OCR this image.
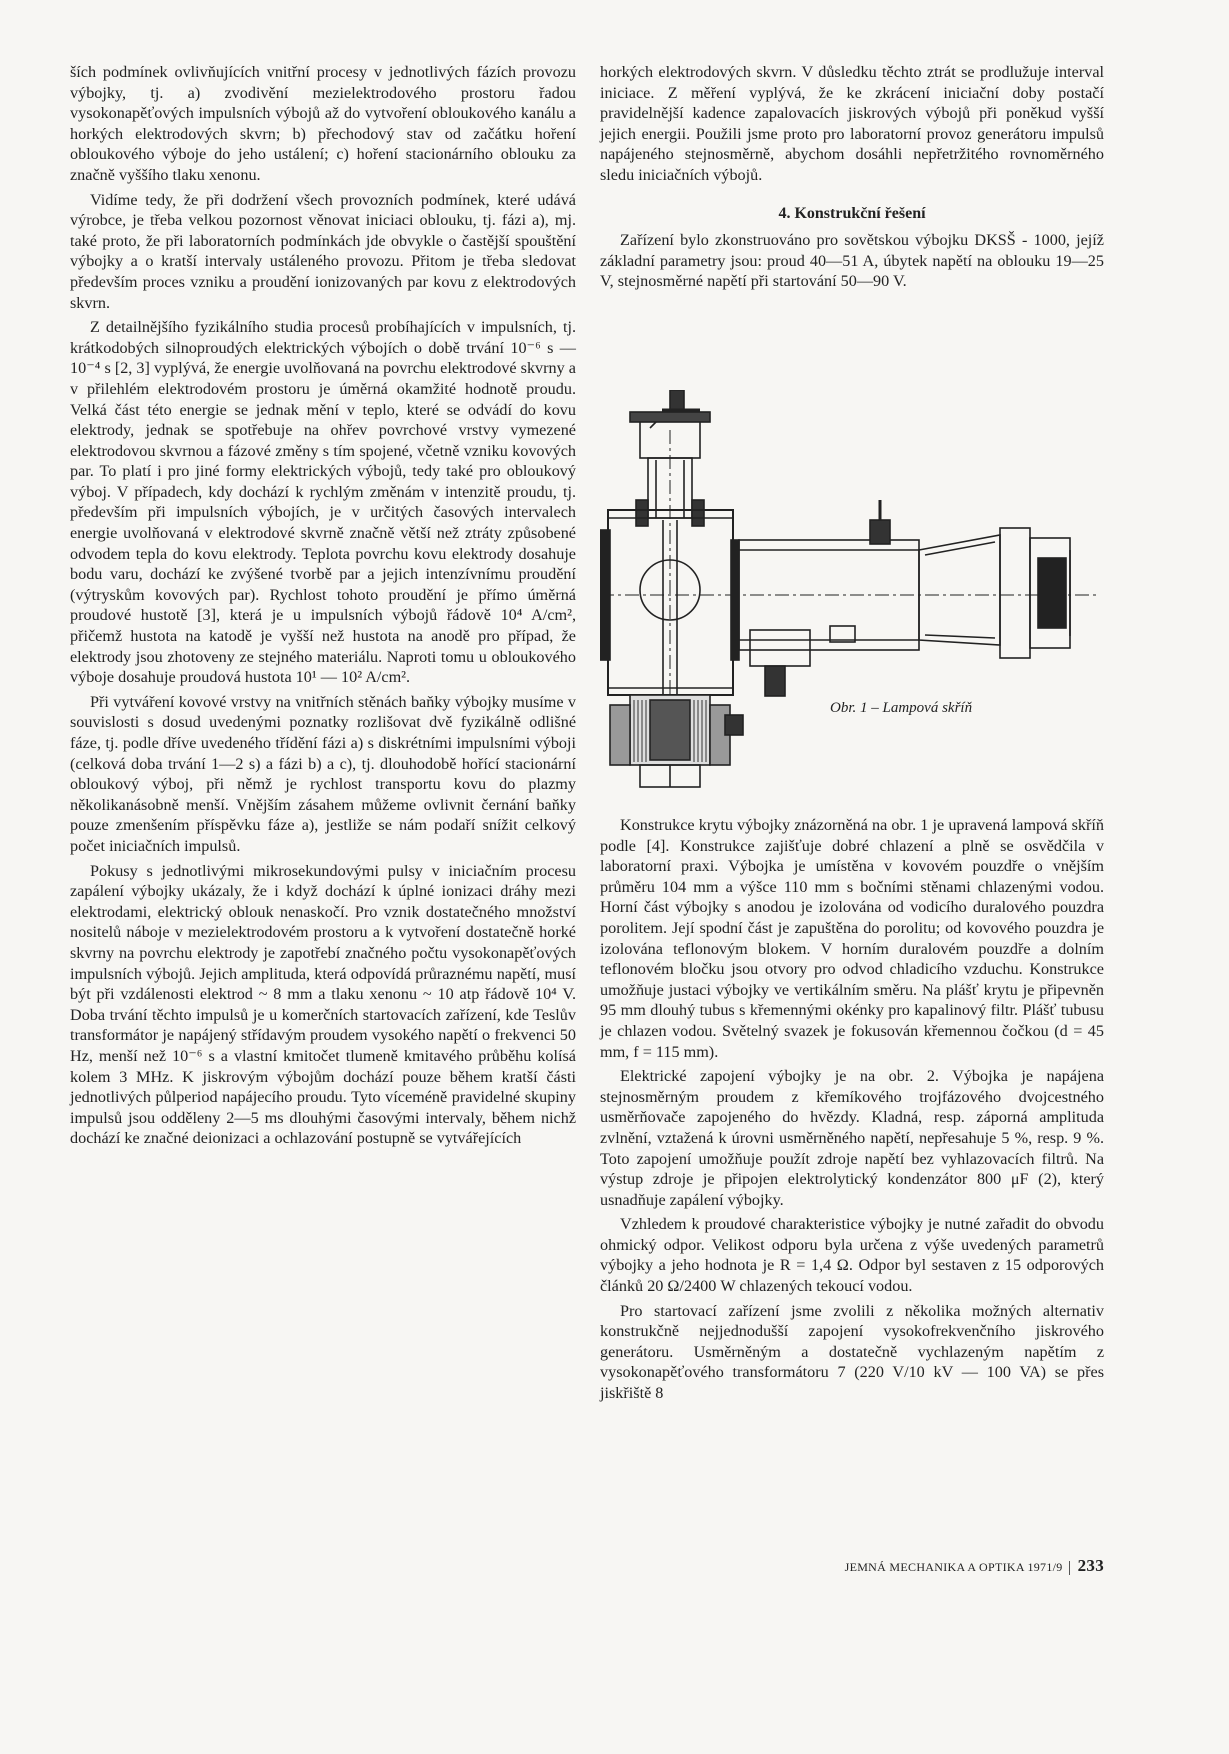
ších podmínek ovlivňujících vnitřní procesy v jednotlivých fázích provozu výbojky, tj. a) zvodivění mezielektrodového prostoru řadou vysokonapěťových impulsních výbojů až do vytvoření obloukového kanálu a horkých elektrodových skvrn; b) přechodový stav od začátku hoření obloukového výboje do jeho ustálení; c) hoření stacionárního oblouku za značně vyššího tlaku xenonu.

Vidíme tedy, že při dodržení všech provozních podmínek, které udává výrobce, je třeba velkou pozornost věnovat iniciaci oblouku, tj. fázi a), mj. také proto, že při laboratorních podmínkách jde obvykle o častější spouštění výbojky a o kratší intervaly ustáleného provozu. Přitom je třeba sledovat především proces vzniku a proudění ionizovaných par kovu z elektrodových skvrn.

Z detailnějšího fyzikálního studia procesů probíhajících v impulsních, tj. krátkodobých silnoproudých elektrických výbojích o době trvání 10⁻⁶ s — 10⁻⁴ s [2, 3] vyplývá, že energie uvolňovaná na povrchu elektrodové skvrny a v přilehlém elektrodovém prostoru je úměrná okamžité hodnotě proudu. Velká část této energie se jednak mění v teplo, které se odvádí do kovu elektrody, jednak se spotřebuje na ohřev povrchové vrstvy vymezené elektrodovou skvrnou a fázové změny s tím spojené, včetně vzniku kovových par. To platí i pro jiné formy elektrických výbojů, tedy také pro obloukový výboj. V případech, kdy dochází k rychlým změnám v intenzitě proudu, tj. především při impulsních výbojích, je v určitých časových intervalech energie uvolňovaná v elektrodové skvrně značně větší než ztráty způsobené odvodem tepla do kovu elektrody. Teplota povrchu kovu elektrody dosahuje bodu varu, dochází ke zvýšené tvorbě par a jejich intenzívnímu proudění (výtryskům kovových par). Rychlost tohoto proudění je přímo úměrná proudové hustotě [3], která je u impulsních výbojů řádově 10⁴ A/cm², přičemž hustota na katodě je vyšší než hustota na anodě pro případ, že elektrody jsou zhotoveny ze stejného materiálu. Naproti tomu u obloukového výboje dosahuje proudová hustota 10¹ — 10² A/cm².

Při vytváření kovové vrstvy na vnitřních stěnách baňky výbojky musíme v souvislosti s dosud uvedenými poznatky rozlišovat dvě fyzikálně odlišné fáze, tj. podle dříve uvedeného třídění fázi a) s diskrétními impulsními výboji (celková doba trvání 1—2 s) a fázi b) a c), tj. dlouhodobě hořící stacionární obloukový výboj, při němž je rychlost transportu kovu do plazmy několikanásobně menší. Vnějším zásahem můžeme ovlivnit černání baňky pouze zmenšením příspěvku fáze a), jestliže se nám podaří snížit celkový počet iniciačních impulsů.

Pokusy s jednotlivými mikrosekundovými pulsy v iniciačním procesu zapálení výbojky ukázaly, že i když dochází k úplné ionizaci dráhy mezi elektrodami, elektrický oblouk nenaskočí. Pro vznik dostatečného množství nositelů náboje v mezielektrodovém prostoru a k vytvoření dostatečně horké skvrny na povrchu elektrody je zapotřebí značného počtu vysokonapěťových impulsních výbojů. Jejich amplituda, která odpovídá průraznému napětí, musí být při vzdálenosti elektrod ~ 8 mm a tlaku xenonu ~ 10 atp řádově 10⁴ V. Doba trvání těchto impulsů je u komerčních startovacích zařízení, kde Teslův transformátor je napájený střídavým proudem vysokého napětí o frekvenci 50 Hz, menší než 10⁻⁶ s a vlastní kmitočet tlumeně kmitavého průběhu kolísá kolem 3 MHz. K jiskrovým výbojům dochází pouze během kratší části jednotlivých půlperiod napájecího proudu. Tyto víceméně pravidelné skupiny impulsů jsou odděleny 2—5 ms dlouhými časovými intervaly, během nichž dochází ke značné deionizaci a ochlazování postupně se vytvářejících

horkých elektrodových skvrn. V důsledku těchto ztrát se prodlužuje interval iniciace. Z měření vyplývá, že ke zkrácení iniciační doby postačí pravidelnější kadence zapalovacích jiskrových výbojů při poněkud vyšší jejich energii. Použili jsme proto pro laboratorní provoz generátoru impulsů napájeného stejnosměrně, abychom dosáhli nepřetržitého rovnoměrného sledu iniciačních výbojů.

4. Konstrukční řešení

Zařízení bylo zkonstruováno pro sovětskou výbojku DKSŠ - 1000, jejíž základní parametry jsou: proud 40—51 A, úbytek napětí na oblouku 19—25 V, stejnosměrné napětí při startování 50—90 V.

Obr. 1 – Lampová skříň

Konstrukce krytu výbojky znázorněná na obr. 1 je upravená lampová skříň podle [4]. Konstrukce zajišťuje dobré chlazení a plně se osvědčila v laboratorní praxi. Výbojka je umístěna v kovovém pouzdře o vnějším průměru 104 mm a výšce 110 mm s bočními stěnami chlazenými vodou. Horní část výbojky s anodou je izolována od vodicího duralového pouzdra porolitem. Její spodní část je zapuštěna do porolitu; od kovového pouzdra je izolována teflonovým blokem. V horním duralovém pouzdře a dolním teflonovém bločku jsou otvory pro odvod chladicího vzduchu. Konstrukce umožňuje justaci výbojky ve vertikálním směru. Na plášť krytu je připevněn 95 mm dlouhý tubus s křemennými okénky pro kapalinový filtr. Plášť tubusu je chlazen vodou. Světelný svazek je fokusován křemennou čočkou (d = 45 mm, f = 115 mm).

Elektrické zapojení výbojky je na obr. 2. Výbojka je napájena stejnosměrným proudem z křemíkového trojfázového dvojcestného usměrňovače zapojeného do hvězdy. Kladná, resp. záporná amplituda zvlnění, vztažená k úrovni usměrněného napětí, nepřesahuje 5 %, resp. 9 %. Toto zapojení umožňuje použít zdroje napětí bez vyhlazovacích filtrů. Na výstup zdroje je připojen elektrolytický kondenzátor 800 μF (2), který usnadňuje zapálení výbojky.

Vzhledem k proudové charakteristice výbojky je nutné zařadit do obvodu ohmický odpor. Velikost odporu byla určena z výše uvedených parametrů výbojky a jeho hodnota je R = 1,4 Ω. Odpor byl sestaven z 15 odporových článků 20 Ω/2400 W chlazených tekoucí vodou.

Pro startovací zařízení jsme zvolili z několika možných alternativ konstrukčně nejjednodušší zapojení vysokofrekvenčního jiskrového generátoru. Usměrněným a dostatečně vychlazeným napětím z vysokonapěťového transformátoru 7 (220 V/10 kV — 100 VA) se přes jiskřiště 8

JEMNÁ MECHANIKA A OPTIKA 1971/9 233
